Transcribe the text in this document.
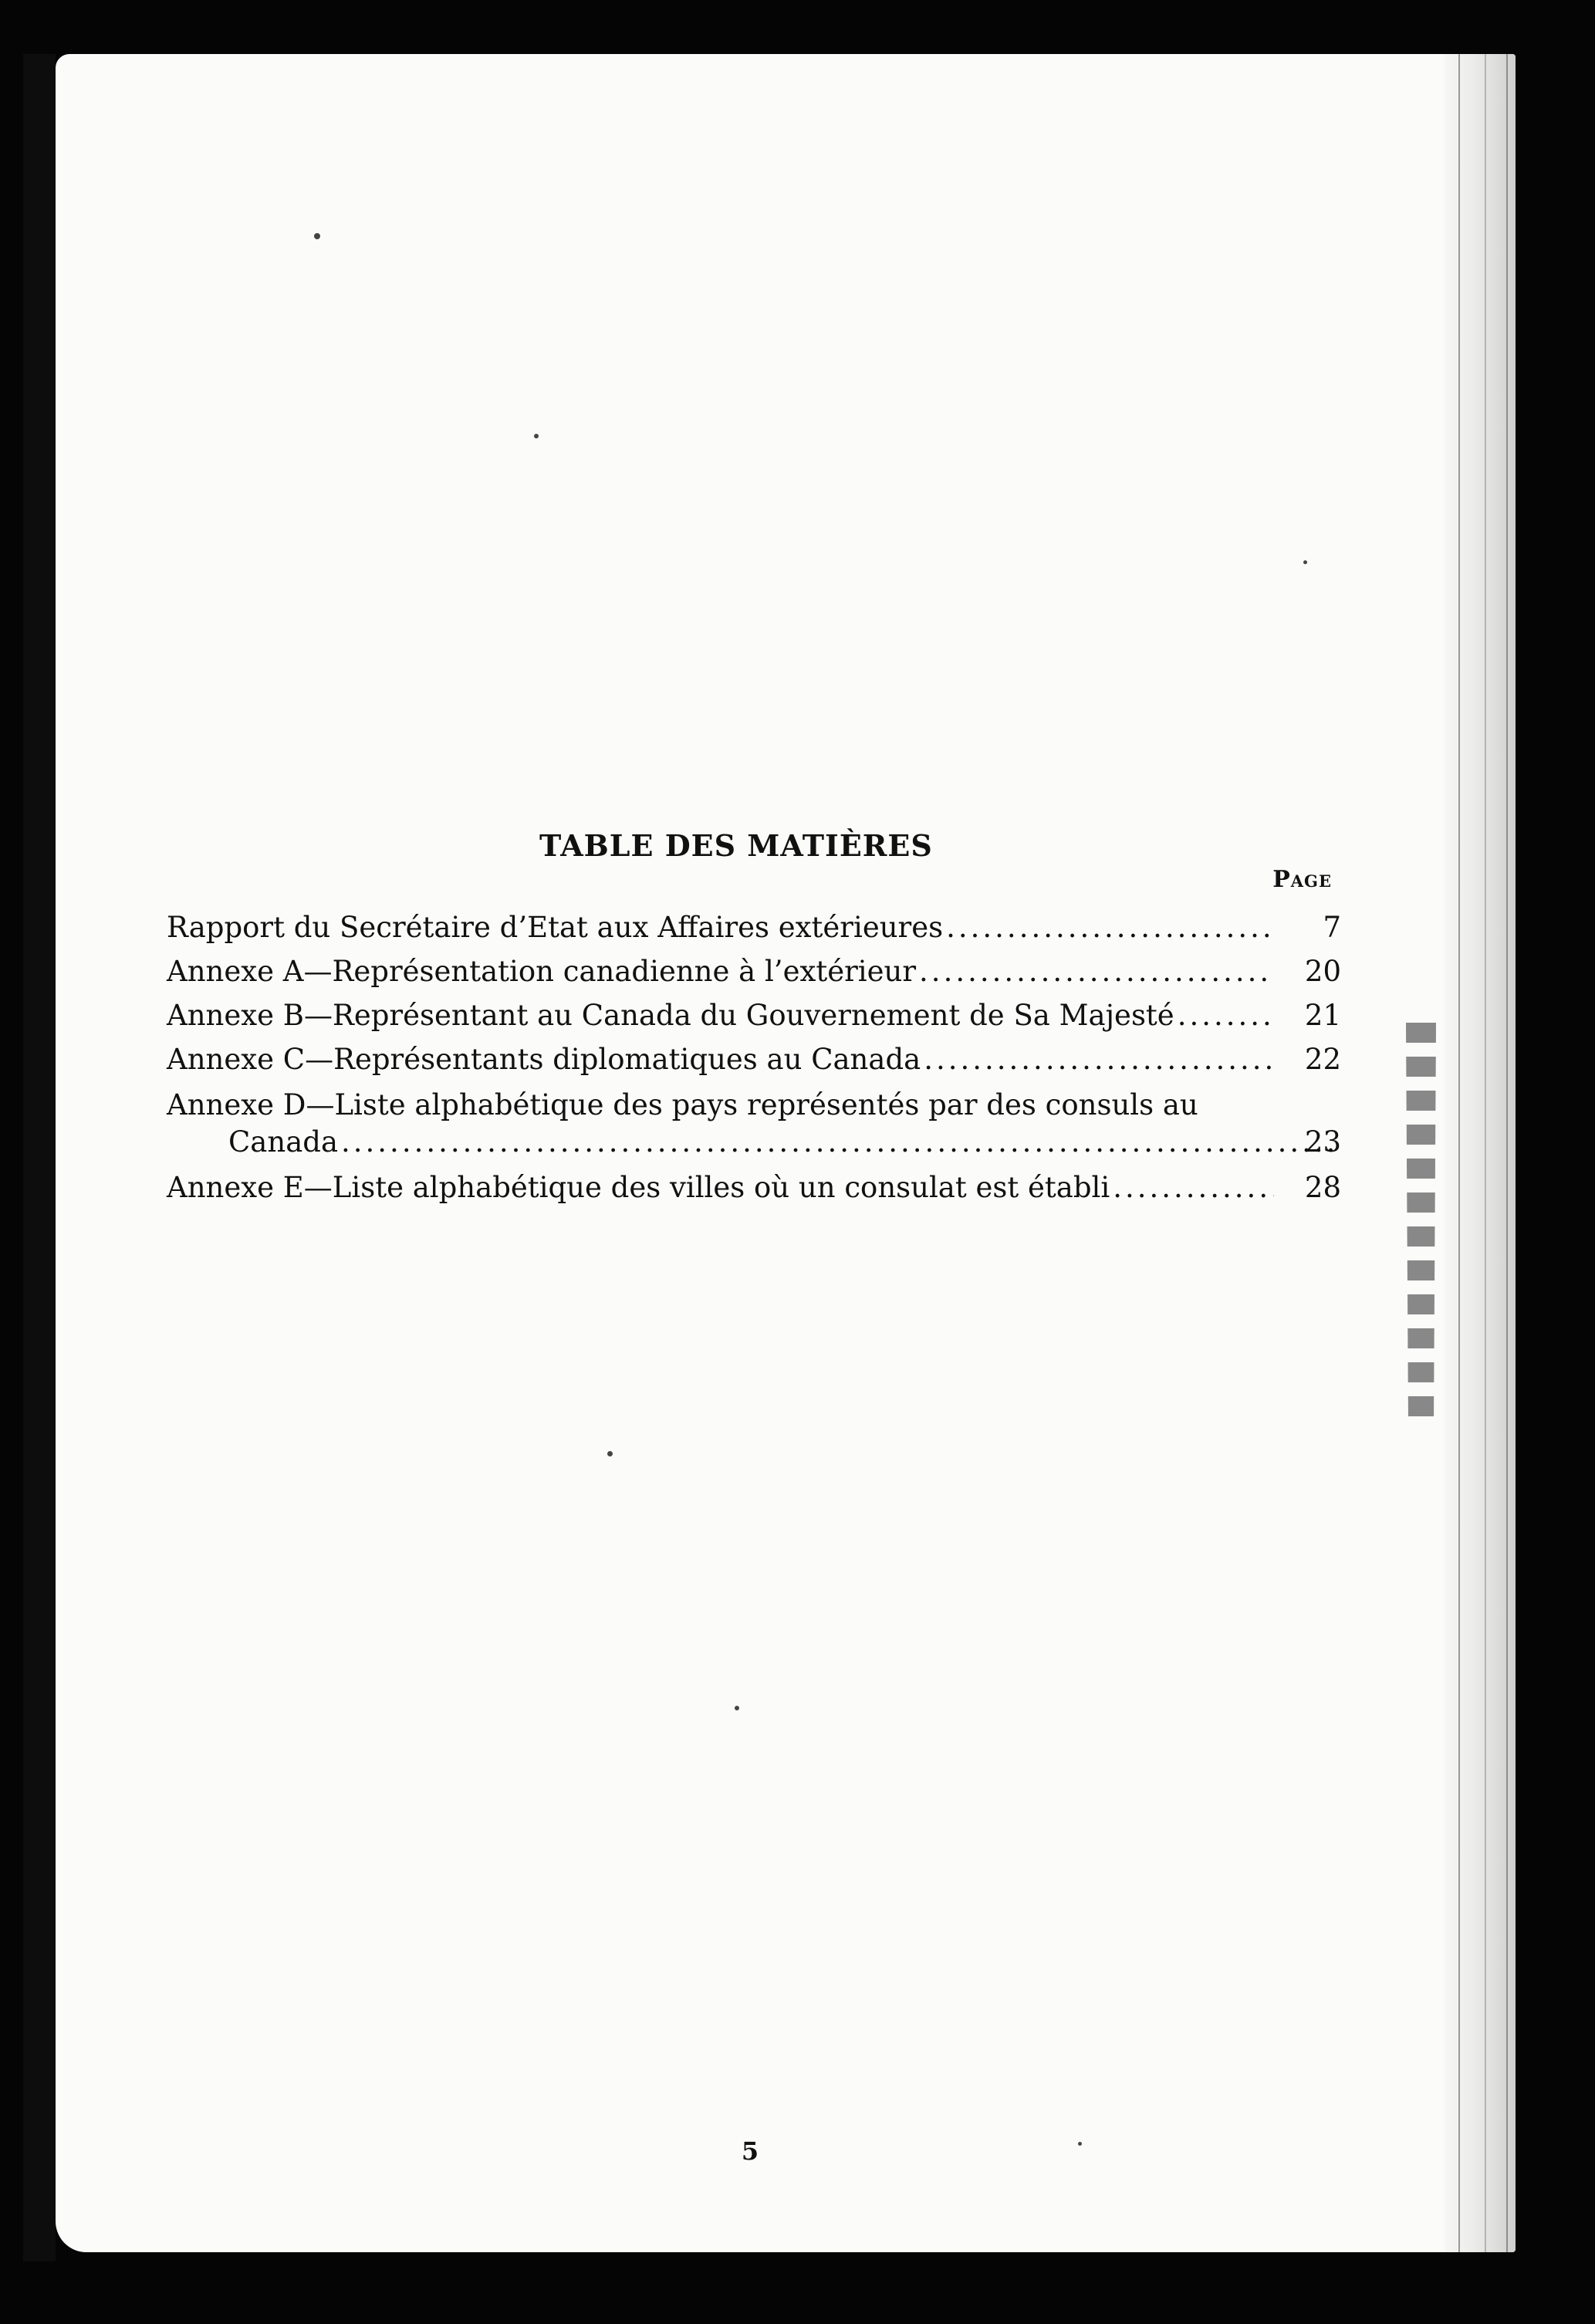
TABLE DES MATIÈRES
Page
Rapport du Secrétaire d’Etat aux Affaires extérieures .....	7
Annexe A—Représentation canadienne à l’extérieur .....	20
Annexe B—Représentant au Canada du Gouvernement de Sa Majesté .....	21
Annexe C—Représentants diplomatiques au Canada .....	22
Annexe D—Liste alphabétique des pays représentés par des consuls au
Canada .....	23
Annexe E—Liste alphabétique des villes où un consulat est établi .....	28
5
